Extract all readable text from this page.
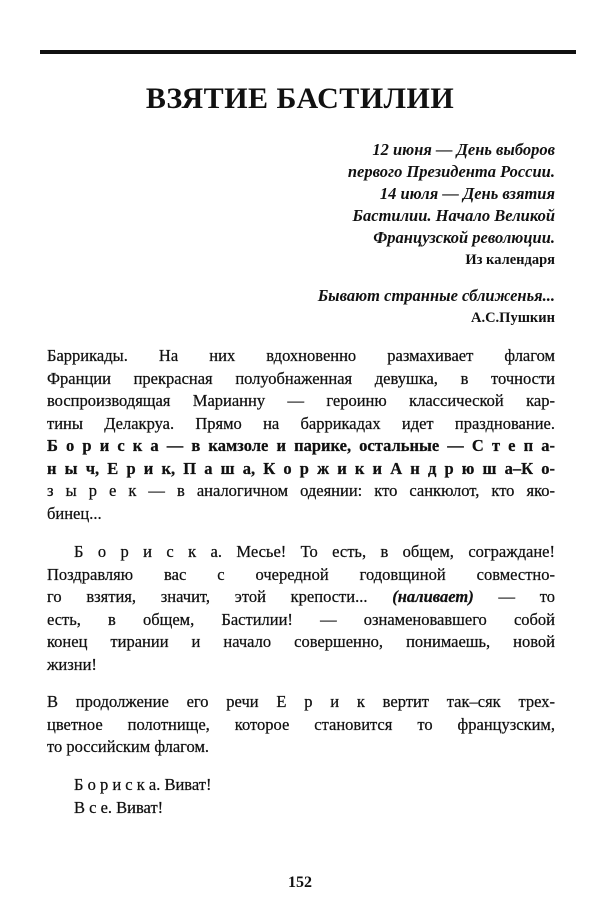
ВЗЯТИЕ БАСТИЛИИ
12 июня — День выборов
первого Президента России.
14 июля — День взятия
Бастилии. Начало Великой
Французской революции.
Из календаря
Бывают странные сближенья...
А.С.Пушкин
Баррикады. На них вдохновенно размахивает флагом
Франции прекрасная полуобнаженная девушка, в точности
воспроизводящая Марианну — героиню классической кар-
тины Делакруа. Прямо на баррикадах идет празднование.
Б о р и с к а — в камзоле и парике, остальные — С т е п а-
н ы ч, Е р и к, П а ш а, К о р ж и к и А н д р ю ш а–К о-
з ы р е к — в аналогичном одеянии: кто санкюлот, кто яко-
бинец...
Б о р и с к а. Месье! То есть, в общем, сограждане!
Поздравляю вас с очередной годовщиной совместно-
го взятия, значит, этой крепости... (наливает) — то
есть, в общем, Бастилии! — ознаменовавшего собой
конец тирании и начало совершенно, понимаешь, новой
жизни!
В продолжение его речи Е р и к вертит так–сяк трех-
цветное полотнище, которое становится то французским,
то российским флагом.
Б о р и с к а. Виват!
В с е. Виват!
152
